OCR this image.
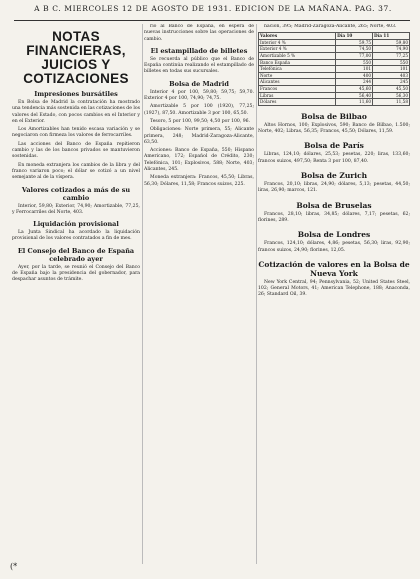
A B C. MIERCOLES 12 DE AGOSTO DE 1931. EDICION DE LA MAÑANA. PAG. 37.
NOTAS FINANCIERAS, JUICIOS Y COTIZACIONES
Impresiones bursátiles

En Bolsa de Madrid la contratación ha mostrado una tendencia más sostenida en las cotizaciones de los valores del Estado, con pocos cambios en el Interior y en el Exterior.

Los Amortizables han tenido escasa variación y se negociaron con firmeza los valores de ferrocarriles.

Las acciones del Banco de España repitieron cambio y las de los bancos privados se mantuvieron sostenidas.

En moneda extranjera los cambios de la libra y del franco variaron poco; el dólar se cotizó a un nivel semejante al de la víspera.

Valores cotizados a más de su cambio

Interior, 59,80; Exterior, 74,90; Amortizable, 77,25, y Ferrocarriles del Norte, 403.

Liquidación provisional

La Junta Sindical ha acordado la liquidación provisional de los valores contratados a fin de mes.

El Consejo del Banco de España celebrado ayer

Ayer, por la tarde, se reunió el Consejo del Banco de España bajo la presidencia del gobernador, para despachar asuntos de trámite.

rio al Banco de España, en espera de nuevas instrucciones sobre las operaciones de cambio.

El estampillado de billetes

Se recuerda al público que el Banco de España continúa realizando el estampillado de billetes en todas sus sucursales.

Bolsa de Madrid

Interior 4 por 100, 59,80; 59,75; 59,70. Exterior 4 por 100, 74,90; 74,75.

Amortizable 5 por 100 (1920), 77,25; (1927), 87,50. Amortizable 3 por 100, 65,50.

Tesoro, 5 por 100, 99,50; 4,50 por 100, 96.

Obligaciones: Norte primera, 55; Alicante primera, 248; Madrid-Zaragoza-Alicante, 63,50.

Acciones: Banco de España, 550; Hispano Americano, 172; Español de Crédito, 230; Telefónica, 101; Explosivos, 588; Norte, 403; Alicantes, 245.

Moneda extranjera: Francos, 45,50; Libras, 56,30; Dólares, 11,58; Francos suizos, 225.

nación, 395; Madrid-Zaragoza-Alicante, 265; Norte, 403.

Valores	Día 10	Día 11
Interior 4 %	59,75	59,80
Exterior 4 %	74,50	74,90
Amortizable 5 %	77,00	77,25
Banco España	550	550
Telefónica	101	101
Norte	400	403
Alicantes	244	245
Francos	45,60	45,50
Libras	56,40	56,30
Dólares	11,60	11,58
Bolsa de Bilbao

Altos Hornos, 100; Explosivos, 590; Banco de Bilbao, 1.500; Norte, 402; Libras, 56,35; Francos, 45,50; Dólares, 11,59.

Bolsa de París

Libras, 124,10; dólares, 25,53; pesetas, 220; liras, 133,60; francos suizos, 497,50; Renta 3 por 100, 87,40.

Bolsa de Zurich

Francos, 20,10; libras, 24,90; dólares, 5,13; pesetas, 44,50; liras, 26,90; marcos, 121.

Bolsa de Bruselas

Francos, 28,10; libras, 34,85; dólares, 7,17; pesetas, 62; florines, 289.

Bolsa de Londres

Francos, 124,10; dólares, 4,86; pesetas, 56,30; liras, 92,90; francos suizos, 24,90; florines, 12,05.

Cotización de valores en la Bolsa de Nueva York

New York Central, 94; Pennsylvania, 52; United States Steel, 102; General Motors, 41; American Telephone, 188; Anaconda, 26; Standard Oil, 39.

(*
